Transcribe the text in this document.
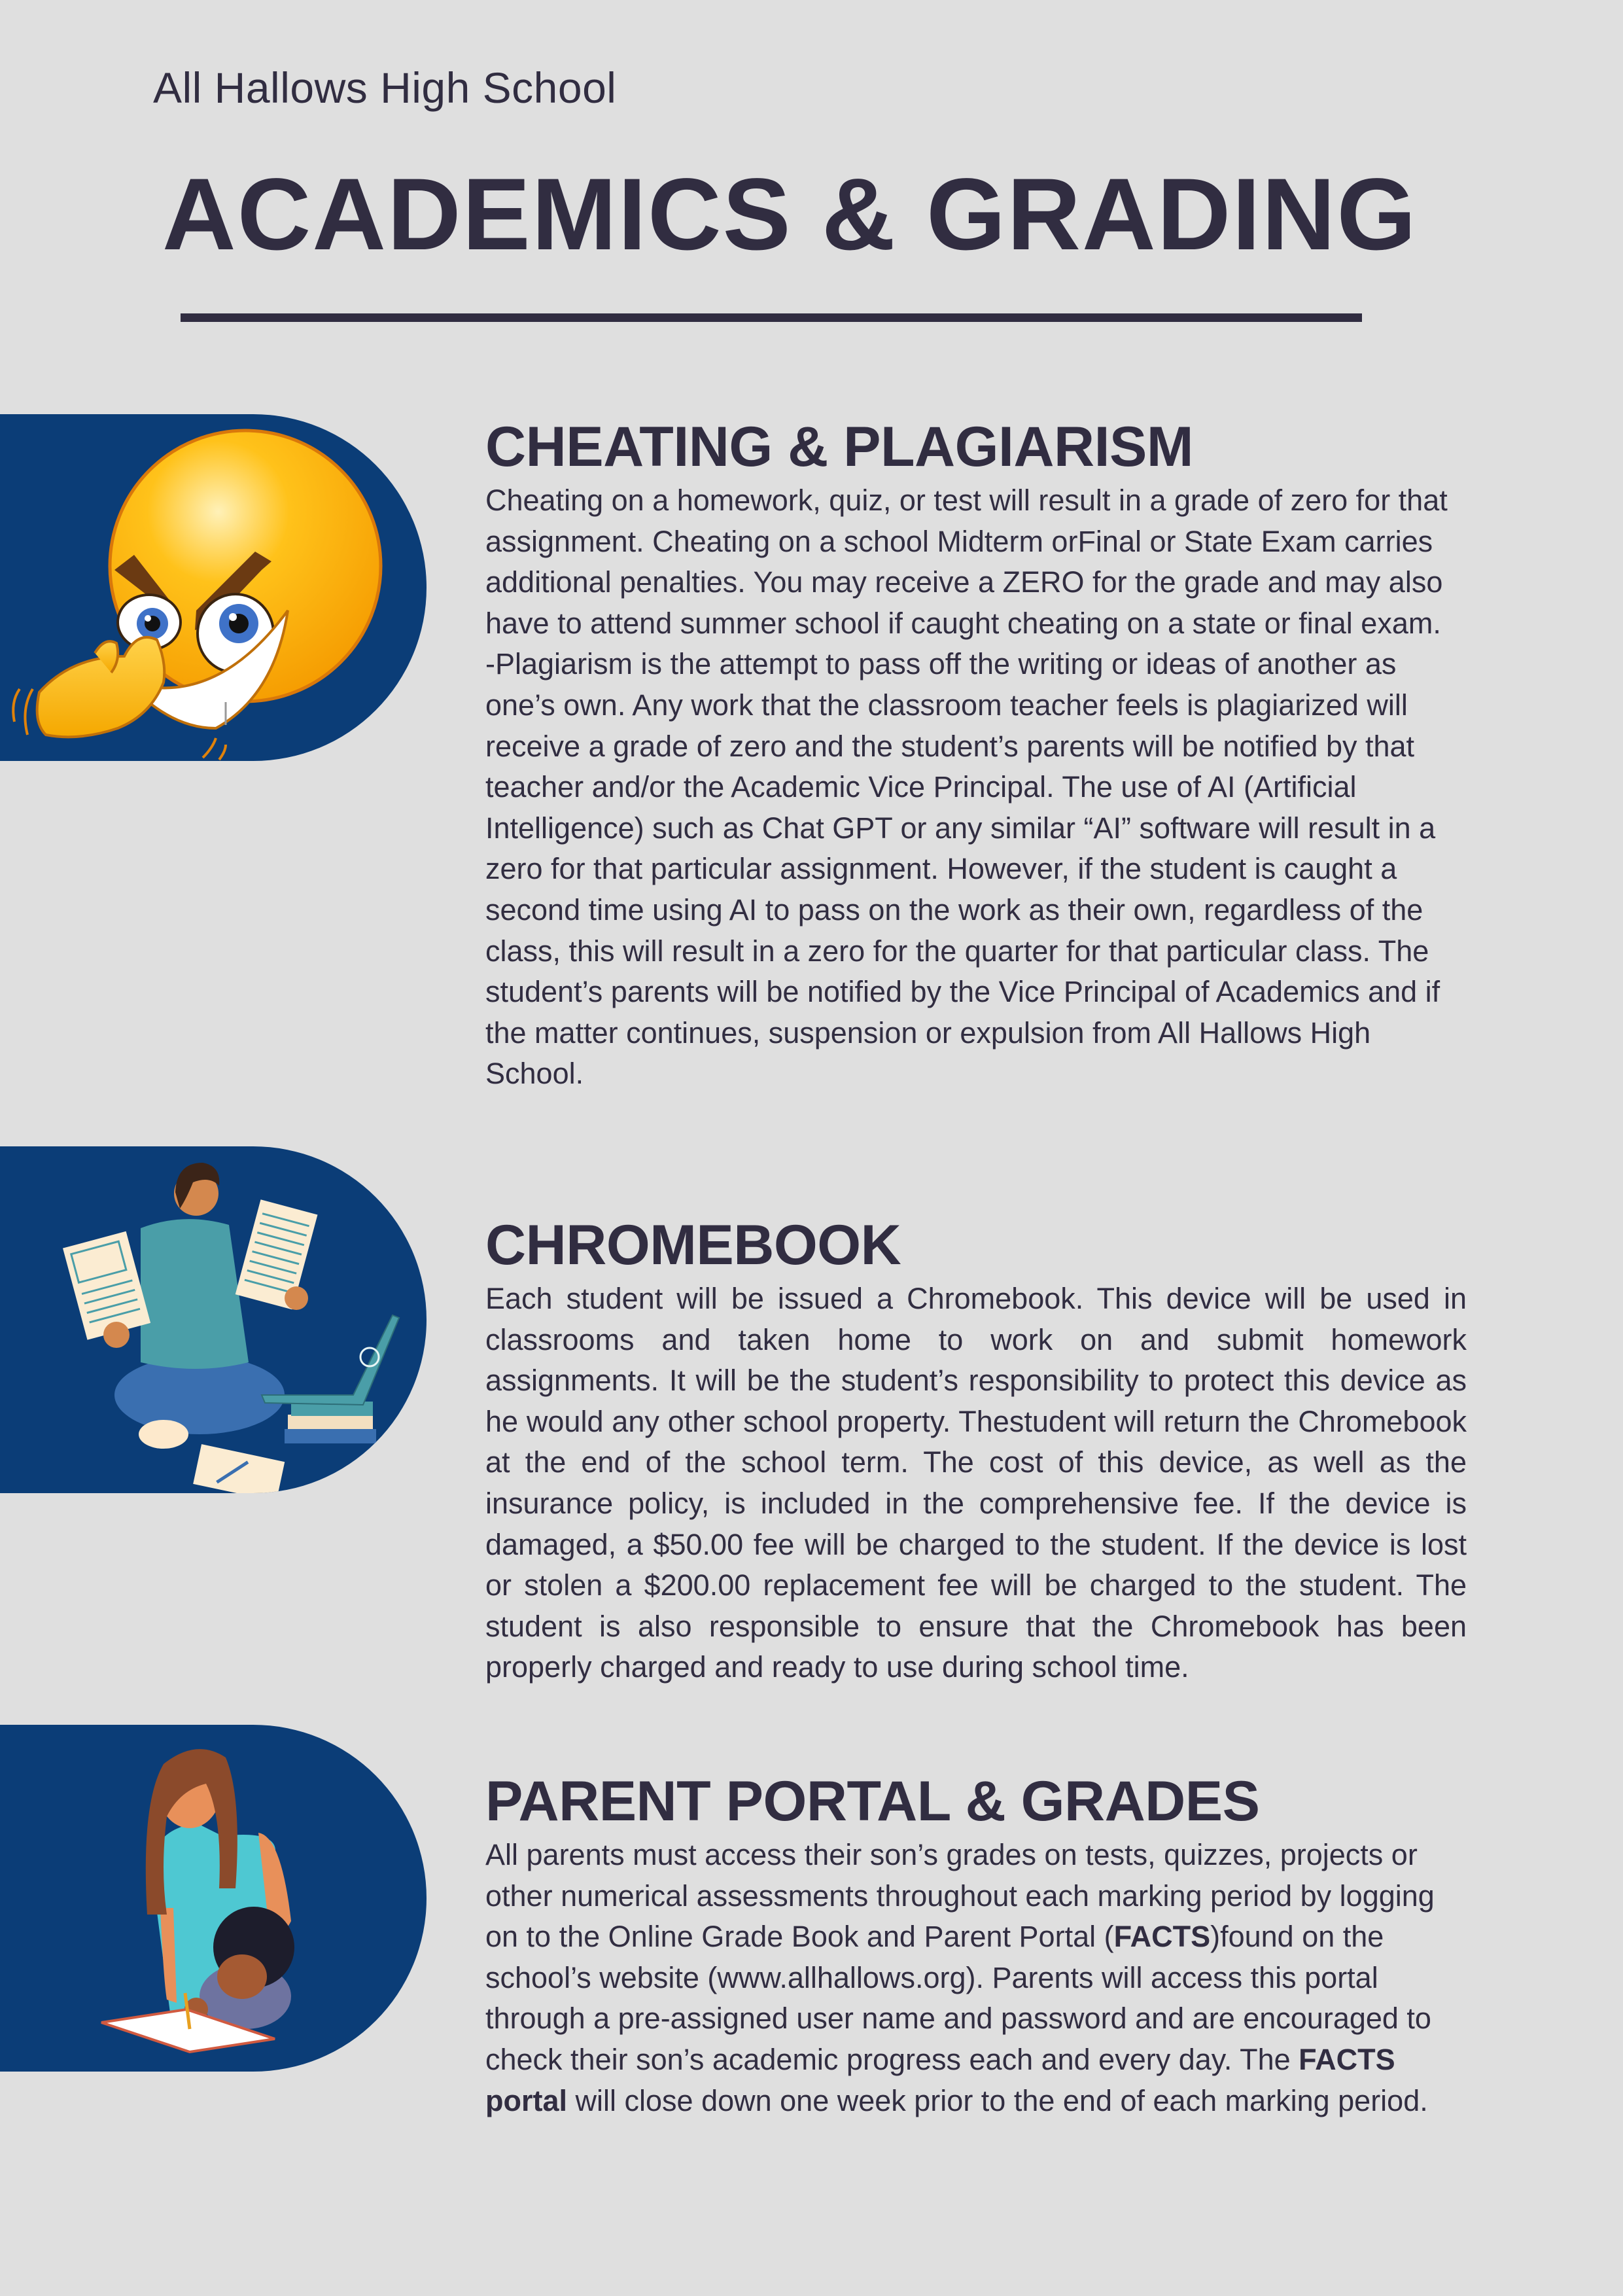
All Hallows High School
ACADEMICS & GRADING
CHEATING & PLAGIARISM

Cheating on a homework, quiz, or test will result in a grade of zero for that assignment. Cheating on a school Midterm orFinal or State Exam carries additional penalties. You may receive a ZERO for the grade and may also have to attend summer school if caught cheating on a state or final exam.

-Plagiarism is the attempt to pass off the writing or ideas of another as one’s own. Any work that the classroom teacher feels is plagiarized will receive a grade of zero and the student’s parents will be notified by that teacher and/or the Academic Vice Principal. The use of AI (Artificial Intelligence) such as Chat GPT or any similar “AI” software will result in a zero for that particular assignment. However, if the student is caught a second time using AI to pass on the work as their own, regardless of the class, this will result in a zero for the quarter for that particular class. The student’s parents will be notified by the Vice Principal of Academics and if the matter continues, suspension or expulsion from All Hallows High School.

CHROMEBOOK

Each student will be issued a Chromebook. This device will be used in classrooms and taken home to work on and submit homework assignments. It will be the student’s responsibility to protect this device as he would any other school property. Thestudent will return the Chromebook at the end of the school term. The cost of this device, as well as the insurance policy, is included in the comprehensive fee. If the device is damaged, a $50.00 fee will be charged to the student. If the device is lost or stolen a $200.00 replacement fee will be charged to the student. The student is also responsible to ensure that the Chromebook has been properly charged and ready to use during school time.

PARENT PORTAL & GRADES

All parents must access their son’s grades on tests, quizzes, projects or other numerical assessments throughout each marking period by logging on to the Online Grade Book and Parent Portal (FACTS)found on the school’s website (www.allhallows.org). Parents will access this portal through a pre-assigned user name and password and are encouraged to check their son’s academic progress each and every day. The FACTS portal will close down one week prior to the end of each marking period.
